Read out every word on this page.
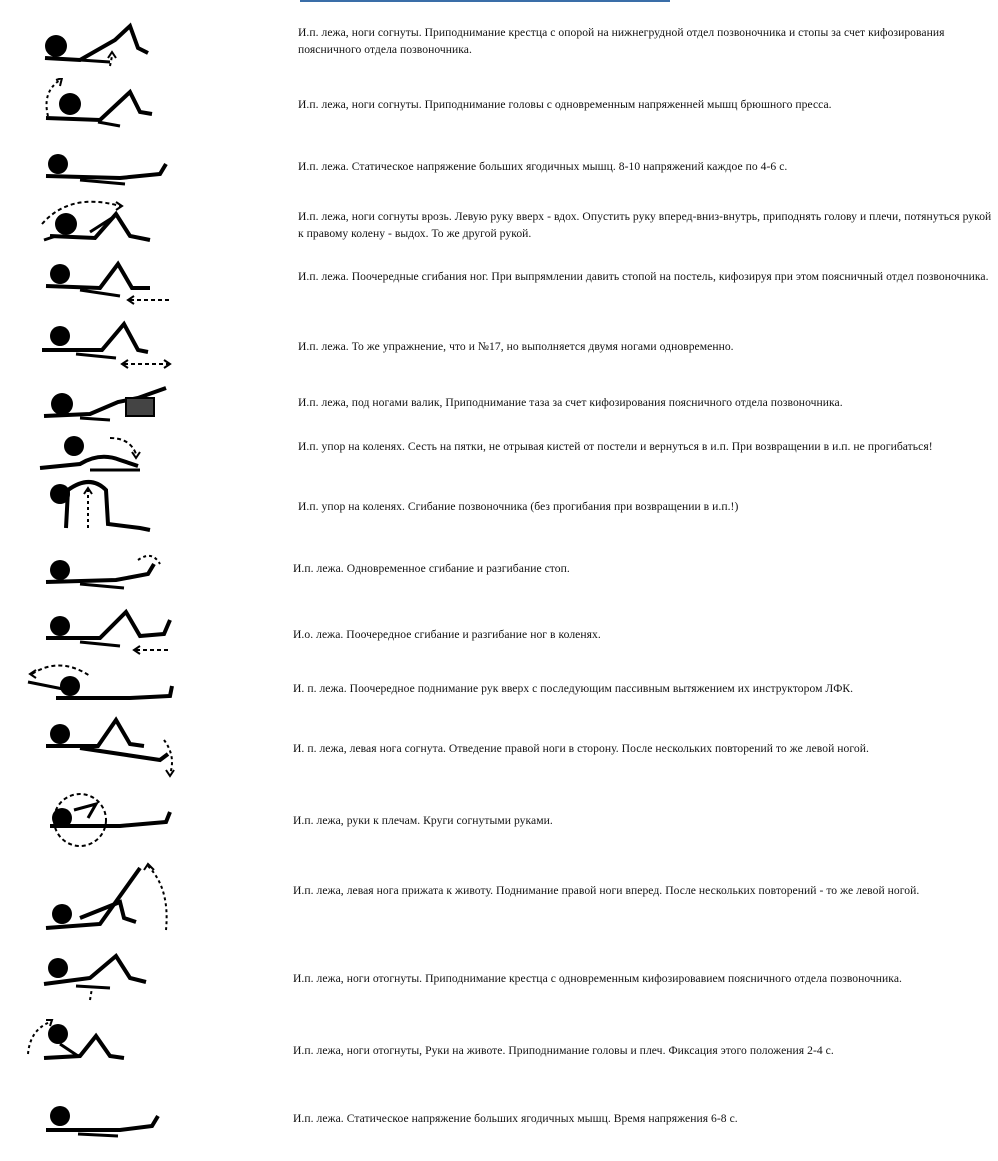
И.п. лежа, ноги согнуты. Приподнимание крестца с опорой на нижнегрудной отдел позвоночника и стопы за счет кифозирования поясничного отдела позвоночника.
И.п. лежа, ноги согнуты. Приподнимание головы с одновременным напряженней мышц брюшного пресса.
И.п. лежа. Статическое напряжение больших ягодичных мышц. 8-10 напряжений каждое по 4-6 с.
И.п. лежа, ноги согнуты врозь. Левую руку вверх - вдох. Опустить руку вперед-вниз-внутрь, приподнять голову и плечи, потянуться рукой к правому колену - выдох. То же другой рукой.
И.п. лежа. Поочередные сгибания ног. При выпрямлении давить стопой на постель, кифозируя при этом поясничный отдел позвоночника.
И.п. лежа. То же упражнение, что и №17, но выполняется двумя ногами одновременно.
И.п. лежа, под ногами валик, Приподнимание таза за счет кифозирования поясничного отдела позвоночника.
И.п. упор на коленях. Сесть на пятки, не отрывая кистей от постели и вернуться в и.п. При возвращении в и.п. не прогибаться!
И.п. упор на коленях. Сгибание позвоночника (без прогибания при возвращении в и.п.!)
И.п. лежа. Одновременное сгибание и разгибание стоп.
И.о. лежа. Поочередное сгибание и разгибание ног в коленях.
И. п. лежа. Поочередное поднимание рук вверх с последующим пассивным вытяжением их инструктором ЛФК.
И. п. лежа, левая нога согнута. Отведение правой ноги в сторону. После нескольких повторений то же левой ногой.
И.п. лежа, руки к плечам. Круги согнутыми руками.
И.п. лежа, левая нога прижата к животу. Поднимание правой ноги вперед. После нескольких повторений - то же левой ногой.
И.п. лежа, ноги отогнуты. Приподнимание крестца с одновременным кифозировавием поясничного отдела позвоночника.
И.п. лежа, ноги отогнуты, Руки на животе. Приподнимание головы и плеч. Фиксация этого положения 2-4 с.
И.п. лежа. Статическое напряжение больших ягодичных мышц. Время напряжения 6-8 с.
